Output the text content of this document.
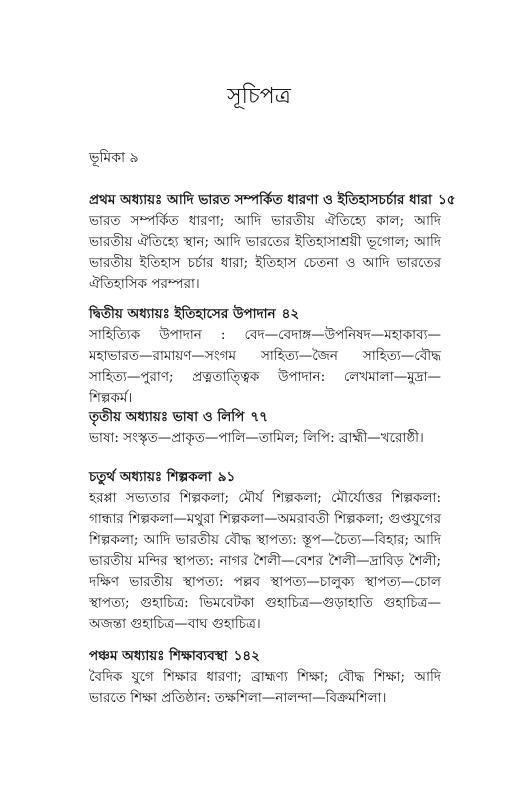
সূচিপত্র
ভূমিকা ৯
প্রথম অধ্যায়ঃ আদি ভারত সম্পর্কিত ধারণা ও ইতিহাসচর্চার ধারা ১৫
ভারত সম্পর্কিত ধারণা; আদি ভারতীয় ঐতিহ্যে কাল; আদি ভারতীয় ঐতিহ্যে স্থান; আদি ভারতের ইতিহাসাশ্রয়ী ভূগোল; আদি ভারতীয় ইতিহাস চর্চার ধারা; ইতিহাস চেতনা ও আদি ভারতের ঐতিহাসিক পরম্পরা।
দ্বিতীয় অধ্যায়ঃ ইতিহাসের উপাদান ৪২
সাহিত্যিক উপাদান : বেদ—বেদাঙ্গ—উপনিষদ—মহাকাব্য—মহাভারত—রামায়ণ—সংগম সাহিত্য—জৈন সাহিত্য—বৌদ্ধ সাহিত্য—পুরাণ; প্রত্নতাত্ত্বিক উপাদান: লেখমালা—মুদ্রা—শিল্পকর্ম।
তৃতীয় অধ্যায়ঃ ভাষা ও লিপি ৭৭
ভাষা: সংস্কৃত—প্রাকৃত—পালি—তামিল; লিপি: ব্রাহ্মী—খরোষ্ঠী।
চতুর্থ অধ্যায়ঃ শিল্পকলা ৯১
হরপ্পা সভ্যতার শিল্পকলা; মৌর্য শিল্পকলা; মৌর্যোত্তর শিল্পকলা: গান্ধার শিল্পকলা—মথুরা শিল্পকলা—অমরাবতী শিল্পকলা; গুপ্তযুগের শিল্পকলা; আদি ভারতীয় বৌদ্ধ স্থাপত্য: স্তূপ—চৈত্য—বিহার; আদি ভারতীয় মন্দির স্থাপত্য: নাগর শৈলী—বেশর শৈলী—দ্রাবিড় শৈলী; দক্ষিণ ভারতীয় স্থাপত্য: পল্লব স্থাপত্য—চালুক্য স্থাপত্য—চোল স্থাপত্য; গুহাচিত্র: ভিমবেটকা গুহাচিত্র—গুড়াহাতি গুহাচিত্র—অজন্তা গুহাচিত্র—বাঘ গুহাচিত্র।
পঞ্চম অধ্যায়ঃ শিক্ষাব্যবস্থা ১৪২
বৈদিক যুগে শিক্ষার ধারণা; ব্রাহ্মণ্য শিক্ষা; বৌদ্ধ শিক্ষা; আদি ভারতে শিক্ষা প্রতিষ্ঠান: তক্ষশিলা—নালন্দা—বিক্রমশিলা।
